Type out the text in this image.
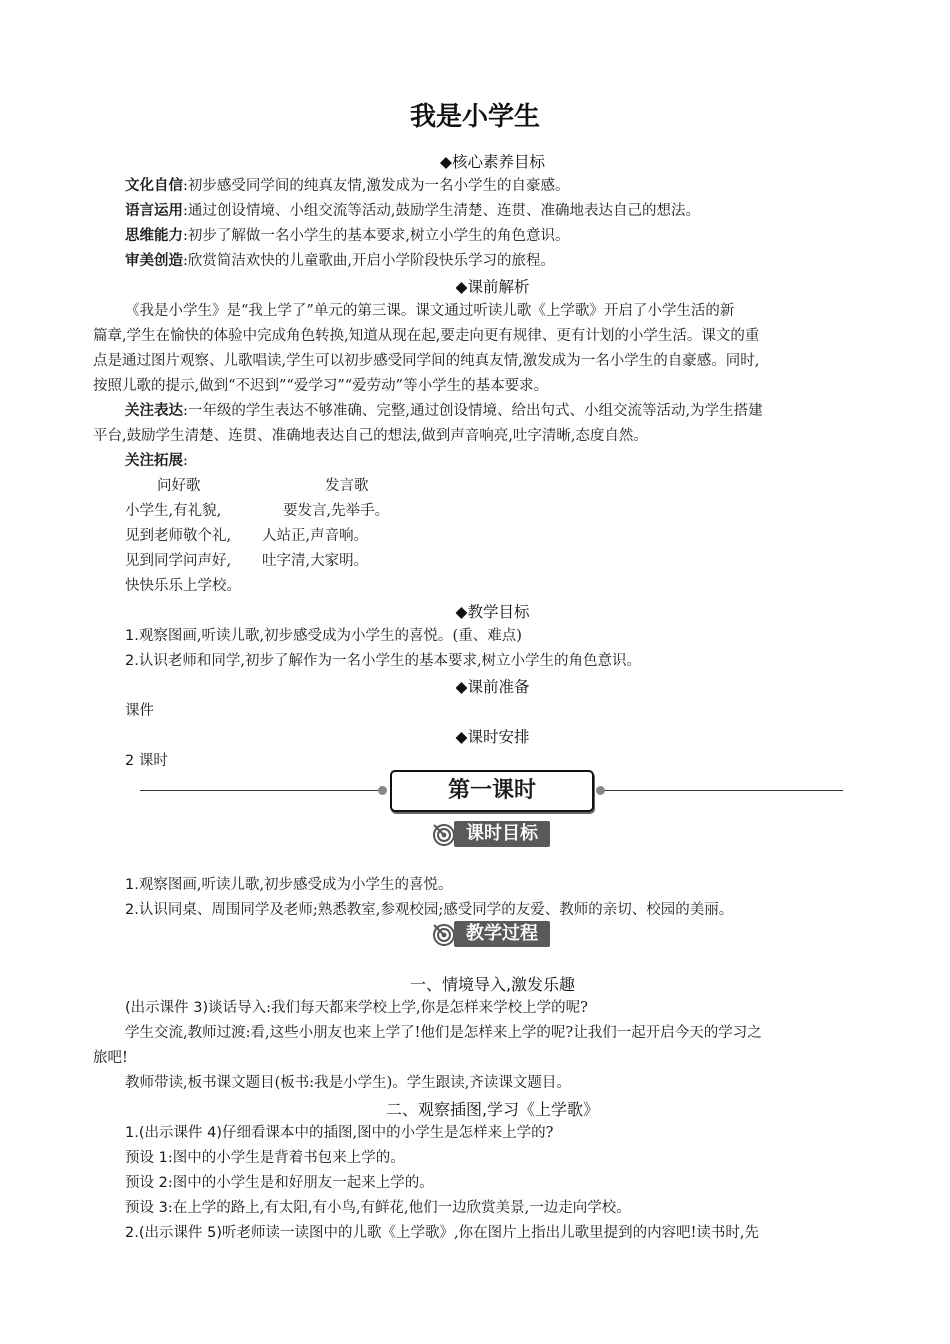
我是小学生
◆核心素养目标
文化自信:初步感受同学间的纯真友情,激发成为一名小学生的自豪感。
语言运用:通过创设情境、小组交流等活动,鼓励学生清楚、连贯、准确地表达自己的想法。
思维能力:初步了解做一名小学生的基本要求,树立小学生的角色意识。
审美创造:欣赏简洁欢快的儿童歌曲,开启小学阶段快乐学习的旅程。
◆课前解析
《我是小学生》是“我上学了”单元的第三课。课文通过听读儿歌《上学歌》开启了小学生活的新
篇章,学生在愉快的体验中完成角色转换,知道从现在起,要走向更有规律、更有计划的小学生活。课文的重
点是通过图片观察、儿歌唱读,学生可以初步感受同学间的纯真友情,激发成为一名小学生的自豪感。同时,
按照儿歌的提示,做到“不迟到”“爱学习”“爱劳动”等小学生的基本要求。
关注表达:一年级的学生表达不够准确、完整,通过创设情境、给出句式、小组交流等活动,为学生搭建
平台,鼓励学生清楚、连贯、准确地表达自己的想法,做到声音响亮,吐字清晰,态度自然。
关注拓展:
问好歌	发言歌
小学生,有礼貌,	要发言,先举手。
见到老师敬个礼, 人站正,声音响。
见到同学问声好, 吐字清,大家明。
快快乐乐上学校。
◆教学目标
1.观察图画,听读儿歌,初步感受成为小学生的喜悦。(重、难点)
2.认识老师和同学,初步了解作为一名小学生的基本要求,树立小学生的角色意识。
◆课前准备
课件
◆课时安排
2 课时
第一课时
课时目标
1.观察图画,听读儿歌,初步感受成为小学生的喜悦。
2.认识同桌、周围同学及老师;熟悉教室,参观校园;感受同学的友爱、教师的亲切、校园的美丽。
教学过程
一、情境导入,激发乐趣
(出示课件 3)谈话导入:我们每天都来学校上学,你是怎样来学校上学的呢?
学生交流,教师过渡:看,这些小朋友也来上学了!他们是怎样来上学的呢?让我们一起开启今天的学习之
旅吧!
教师带读,板书课文题目(板书:我是小学生)。学生跟读,齐读课文题目。
二、观察插图,学习《上学歌》
1.(出示课件 4)仔细看课本中的插图,图中的小学生是怎样来上学的?
预设 1:图中的小学生是背着书包来上学的。
预设 2:图中的小学生是和好朋友一起来上学的。
预设 3:在上学的路上,有太阳,有小鸟,有鲜花,他们一边欣赏美景,一边走向学校。
2.(出示课件 5)听老师读一读图中的儿歌《上学歌》,你在图片上指出儿歌里提到的内容吧!读书时,先
